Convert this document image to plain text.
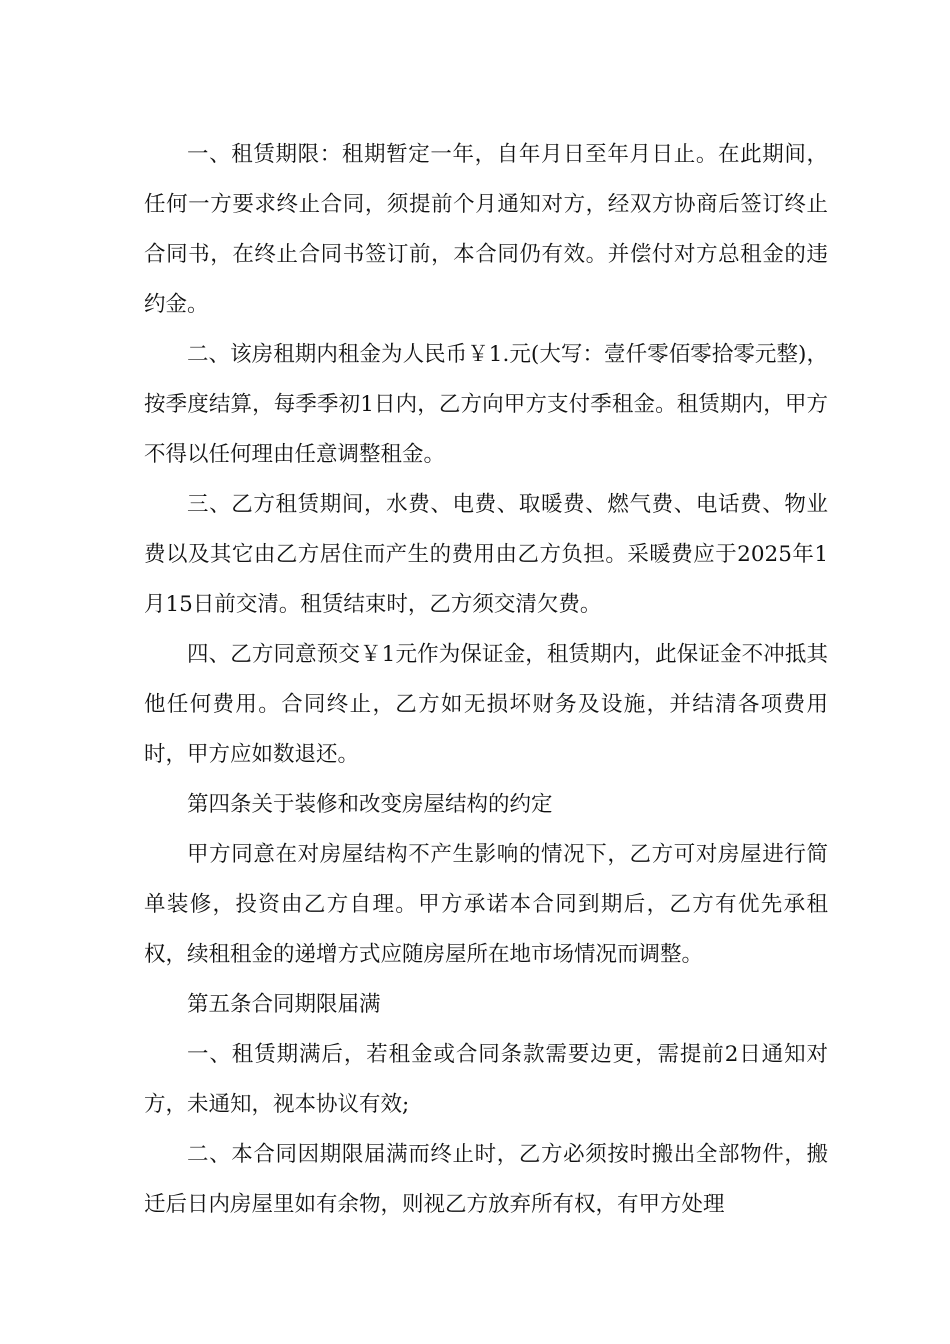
一、租赁期限：租期暂定一年，自年月日至年月日止。在此期间，任何一方要求终止合同，须提前个月通知对方，经双方协商后签订终止合同书，在终止合同书签订前，本合同仍有效。并偿付对方总租金的违约金。

二、该房租期内租金为人民币￥1.元(大写：壹仟零佰零拾零元整)，按季度结算，每季季初1日内，乙方向甲方支付季租金。租赁期内，甲方不得以任何理由任意调整租金。

三、乙方租赁期间，水费、电费、取暖费、燃气费、电话费、物业费以及其它由乙方居住而产生的费用由乙方负担。采暖费应于2025年1月15日前交清。租赁结束时，乙方须交清欠费。

四、乙方同意预交￥1元作为保证金，租赁期内，此保证金不冲抵其他任何费用。合同终止，乙方如无损坏财务及设施，并结清各项费用时，甲方应如数退还。

第四条关于装修和改变房屋结构的约定

甲方同意在对房屋结构不产生影响的情况下，乙方可对房屋进行简单装修，投资由乙方自理。甲方承诺本合同到期后，乙方有优先承租权，续租租金的递增方式应随房屋所在地市场情况而调整。

第五条合同期限届满

一、租赁期满后，若租金或合同条款需要边更，需提前2日通知对方，未通知，视本协议有效;

二、本合同因期限届满而终止时，乙方必须按时搬出全部物件，搬迁后日内房屋里如有余物，则视乙方放弃所有权，有甲方处理
